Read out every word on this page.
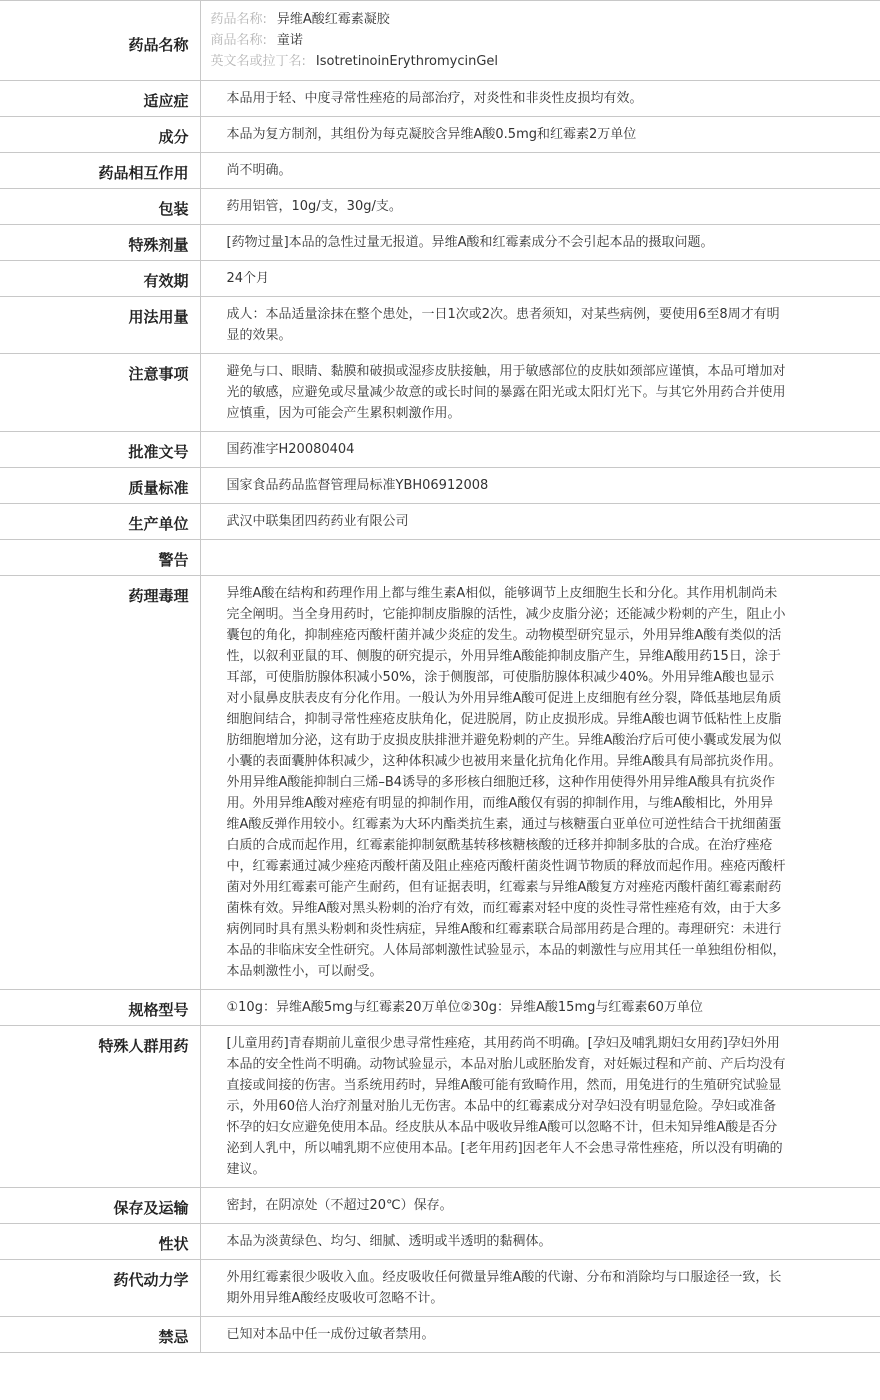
药品名称	药品名称: 异维A酸红霉素凝胶
商品名称: 童诺
英文名或拉丁名: IsotretinoinErythromycinGel

适应症	本品用于轻、中度寻常性痤疮的局部治疗，对炎性和非炎性皮损均有效。
成分	本品为复方制剂，其组份为每克凝胶含异维A酸0.5mg和红霉素2万单位
药品相互作用	尚不明确。
包装	药用铝管，10g/支，30g/支。
特殊剂量	[药物过量]本品的急性过量无报道。异维A酸和红霉素成分不会引起本品的摄取问题。
有效期	24个月
用法用量	成人：本品适量涂抹在整个患处，一日1次或2次。患者须知，对某些病例，要使用6至8周才有明显的效果。
注意事项	避免与口、眼睛、黏膜和破损或湿疹皮肤接触，用于敏感部位的皮肤如颈部应谨慎，本品可增加对光的敏感，应避免或尽量减少故意的或长时间的暴露在阳光或太阳灯光下。与其它外用药合并使用应慎重，因为可能会产生累积刺激作用。
批准文号	国药准字H20080404
质量标准	国家食品药品监督管理局标准YBH06912008
生产单位	武汉中联集团四药药业有限公司
警告	
药理毒理	异维A酸在结构和药理作用上都与维生素A相似，能够调节上皮细胞生长和分化。其作用机制尚未完全阐明。当全身用药时，它能抑制皮脂腺的活性，减少皮脂分泌；还能减少粉刺的产生，阻止小囊包的角化，抑制痤疮丙酸杆菌并减少炎症的发生。动物模型研究显示，外用异维A酸有类似的活性，以叙利亚鼠的耳、侧腹的研究提示，外用异维A酸能抑制皮脂产生，异维A酸用药15日，涂于耳部，可使脂肪腺体积减小50%，涂于侧腹部，可使脂肪腺体积减少40%。外用异维A酸也显示对小鼠鼻皮肤表皮有分化作用。一般认为外用异维A酸可促进上皮细胞有丝分裂，降低基地层角质细胞间结合，抑制寻常性痤疮皮肤角化，促进脱屑，防止皮损形成。异维A酸也调节低粘性上皮脂肪细胞增加分泌，这有助于皮损皮肤排泄并避免粉刺的产生。异维A酸治疗后可使小囊或发展为似小囊的表面囊肿体积减少，这种体积减少也被用来量化抗角化作用。异维A酸具有局部抗炎作用。外用异维A酸能抑制白三烯–B4诱导的多形核白细胞迁移，这种作用使得外用异维A酸具有抗炎作用。外用异维A酸对痤疮有明显的抑制作用，而维A酸仅有弱的抑制作用，与维A酸相比，外用异维A酸反弹作用较小。红霉素为大环内酯类抗生素，通过与核糖蛋白亚单位可逆性结合干扰细菌蛋白质的合成而起作用，红霉素能抑制氨酰基转移核糖核酸的迁移并抑制多肽的合成。在治疗痤疮中，红霉素通过减少痤疮丙酸杆菌及阻止痤疮丙酸杆菌炎性调节物质的释放而起作用。痤疮丙酸杆菌对外用红霉素可能产生耐药，但有证据表明，红霉素与异维A酸复方对痤疮丙酸杆菌红霉素耐药菌株有效。异维A酸对黑头粉刺的治疗有效，而红霉素对轻中度的炎性寻常性痤疮有效，由于大多病例同时具有黑头粉刺和炎性病症，异维A酸和红霉素联合局部用药是合理的。毒理研究：未进行本品的非临床安全性研究。人体局部刺激性试验显示，本品的刺激性与应用其任一单独组份相似，本品刺激性小，可以耐受。
规格型号	①10g：异维A酸5mg与红霉素20万单位②30g：异维A酸15mg与红霉素60万单位
特殊人群用药	[儿童用药]青春期前儿童很少患寻常性痤疮，其用药尚不明确。[孕妇及哺乳期妇女用药]孕妇外用本品的安全性尚不明确。动物试验显示，本品对胎儿或胚胎发育，对妊娠过程和产前、产后均没有直接或间接的伤害。当系统用药时，异维A酸可能有致畸作用，然而，用兔进行的生殖研究试验显示，外用60倍人治疗剂量对胎儿无伤害。本品中的红霉素成分对孕妇没有明显危险。孕妇或准备怀孕的妇女应避免使用本品。经皮肤从本品中吸收异维A酸可以忽略不计，但未知异维A酸是否分泌到人乳中，所以哺乳期不应使用本品。[老年用药]因老年人不会患寻常性痤疮，所以没有明确的建议。
保存及运输	密封，在阴凉处（不超过20℃）保存。
性状	本品为淡黄绿色、均匀、细腻、透明或半透明的黏稠体。
药代动力学	外用红霉素很少吸收入血。经皮吸收任何微量异维A酸的代谢、分布和消除均与口服途径一致，长期外用异维A酸经皮吸收可忽略不计。
禁忌	已知对本品中任一成份过敏者禁用。
